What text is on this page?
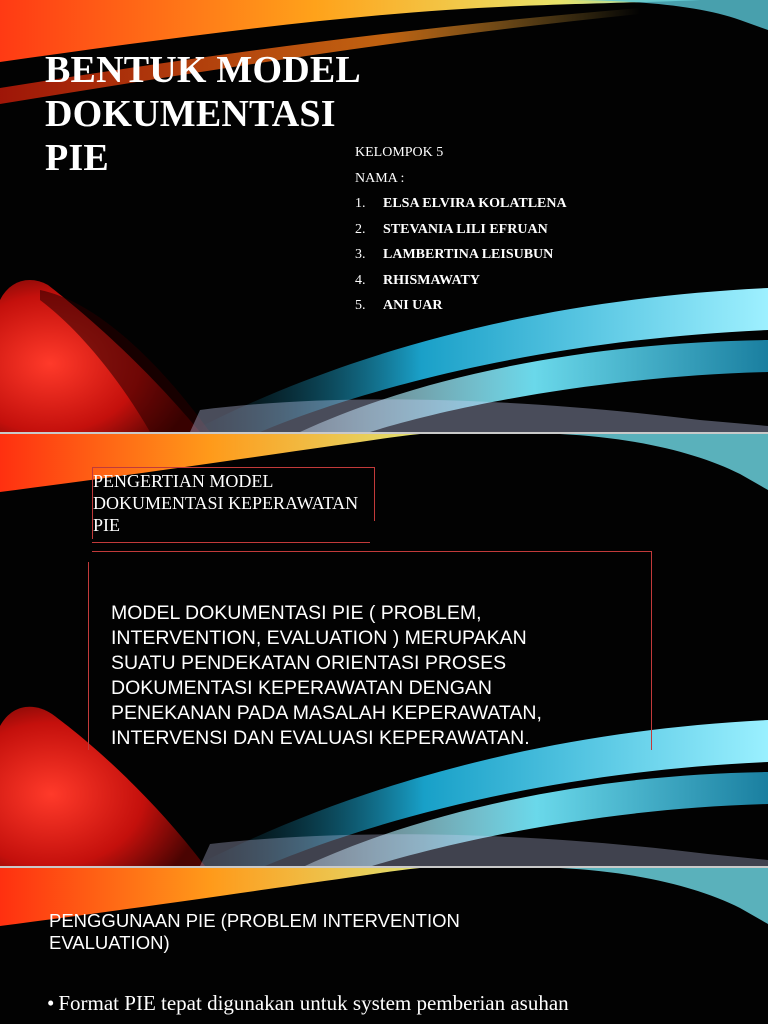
BENTUK MODEL
DOKUMENTASI
PIE	KELOMPOK 5
NAMA :
1.	ELSA ELVIRA KOLATLENA
2.	STEVANIA LILI EFRUAN
3.	LAMBERTINA LEISUBUN
4.	RHISMAWATY
5.	ANI UAR
PENGERTIAN MODEL
DOKUMENTASI KEPERAWATAN
PIE

MODEL DOKUMENTASI PIE ( PROBLEM,
INTERVENTION, EVALUATION ) MERUPAKAN
SUATU PENDEKATAN ORIENTASI PROSES
DOKUMENTASI KEPERAWATAN DENGAN
PENEKANAN PADA MASALAH KEPERAWATAN,
INTERVENSI DAN EVALUASI KEPERAWATAN.

PENGGUNAAN PIE (PROBLEM INTERVENTION
EVALUATION)

• Format PIE tepat digunakan untuk system pemberian asuhan
